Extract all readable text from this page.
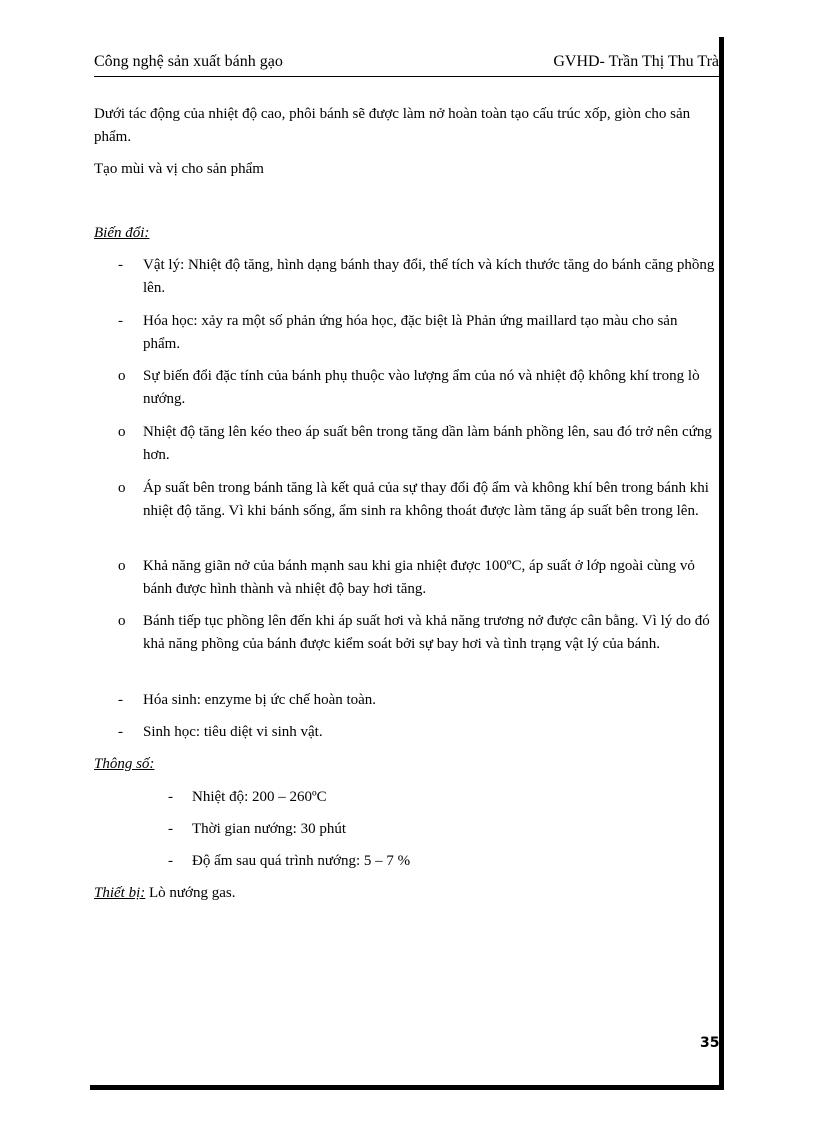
Công nghệ sản xuất bánh gạo	GVHD- Trần Thị Thu Trà

Dưới tác động của nhiệt độ cao, phôi bánh sẽ được làm nở hoàn toàn tạo cấu trúc xốp, giòn cho sản phẩm.

Tạo mùi và vị cho sản phẩm

Biến đổi:

- Vật lý: Nhiệt độ tăng, hình dạng bánh thay đổi, thể tích và kích thước tăng do bánh căng phồng lên.

- Hóa học: xảy ra một số phản ứng hóa học, đặc biệt là Phản ứng maillard tạo màu cho sản phẩm.

o Sự biến đổi đặc tính của bánh phụ thuộc vào lượng ẩm của nó và nhiệt độ không khí trong lò nướng.

o Nhiệt độ tăng lên kéo theo áp suất bên trong tăng dần làm bánh phồng lên, sau đó trở nên cứng hơn.

o Áp suất bên trong bánh tăng là kết quả của sự thay đổi độ ẩm và không khí bên trong bánh khi nhiệt độ tăng. Vì khi bánh sống, ẩm sinh ra không thoát được làm tăng áp suất bên trong lên.

o Khả năng giãn nở của bánh mạnh sau khi gia nhiệt được 100ºC, áp suất ở lớp ngoài cùng vỏ bánh được hình thành và nhiệt độ bay hơi tăng.

o Bánh tiếp tục phồng lên đến khi áp suất hơi và khả năng trương nở được cân bằng. Vì lý do đó khả năng phồng của bánh được kiểm soát bởi sự bay hơi và tình trạng vật lý của bánh.

- Hóa sinh: enzyme bị ức chế hoàn toàn.

- Sinh học: tiêu diệt vi sinh vật.

Thông số:

- Nhiệt độ: 200 – 260ºC

- Thời gian nướng: 30 phút

- Độ ẩm sau quá trình nướng: 5 – 7 %

Thiết bị: Lò nướng gas.

35
